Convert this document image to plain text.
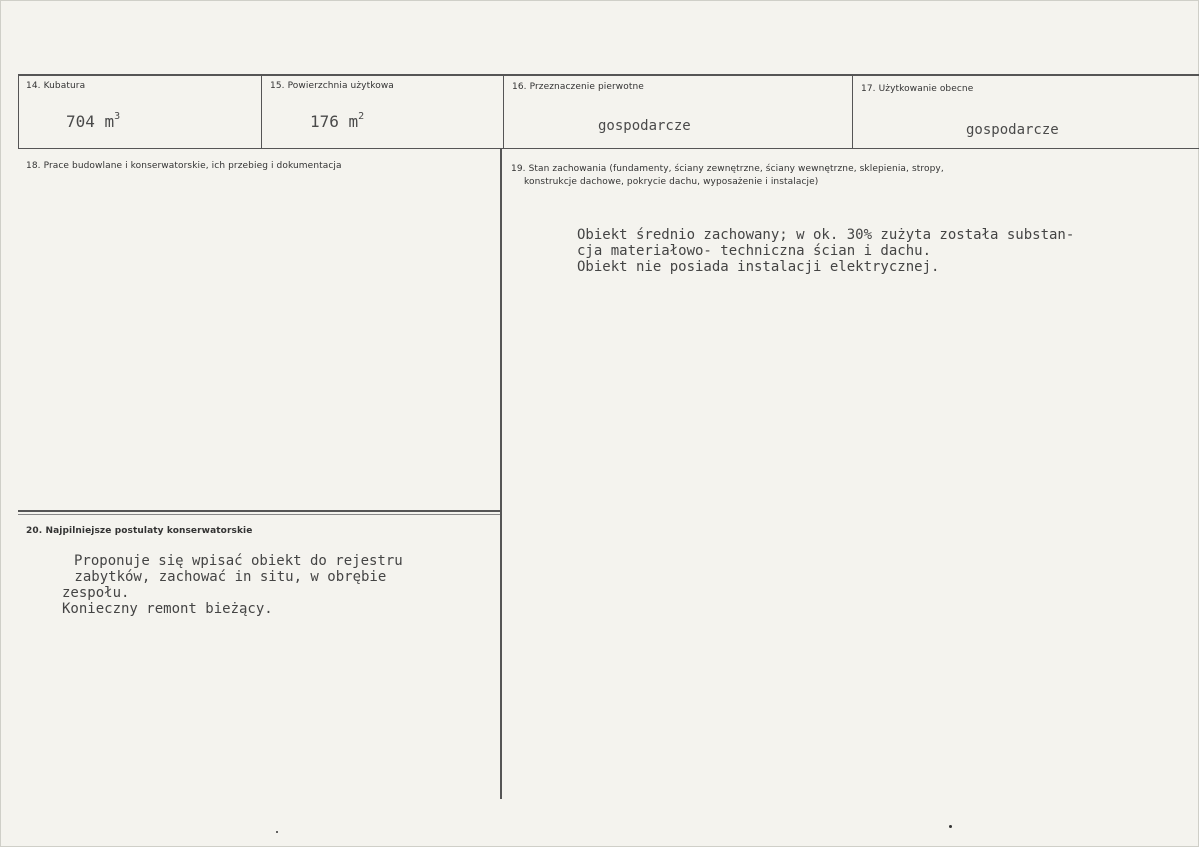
14. Kubatura
704 $m^3$
15. Powierzchnia użytkowa
176 $m^2$
16. Przeznaczenie pierwotne
gospodarcze
17. Użytkowanie obecne
gospodarcze
18. Prace budowlane i konserwatorskie, ich przebieg i dokumentacja	19. Stan zachowania (fundamenty, ściany zewnętrzne, ściany wewnętrzne, sklepienia, stropy,
konstrukcje dachowe, pokrycie dachu, wyposażenie i instalacje)
Obiekt średnio zachowany; w ok. 30% zużyta została substan-
cja materiałowo- techniczna ścian i dachu.
Obiekt nie posiada instalacji elektrycznej.
20. Najpilniejsze postulaty konserwatorskie
Proponuje się wpisać obiekt do rejestru
zabytków, zachować in situ, w obrębie
zespołu.
Konieczny remont bieżący.
